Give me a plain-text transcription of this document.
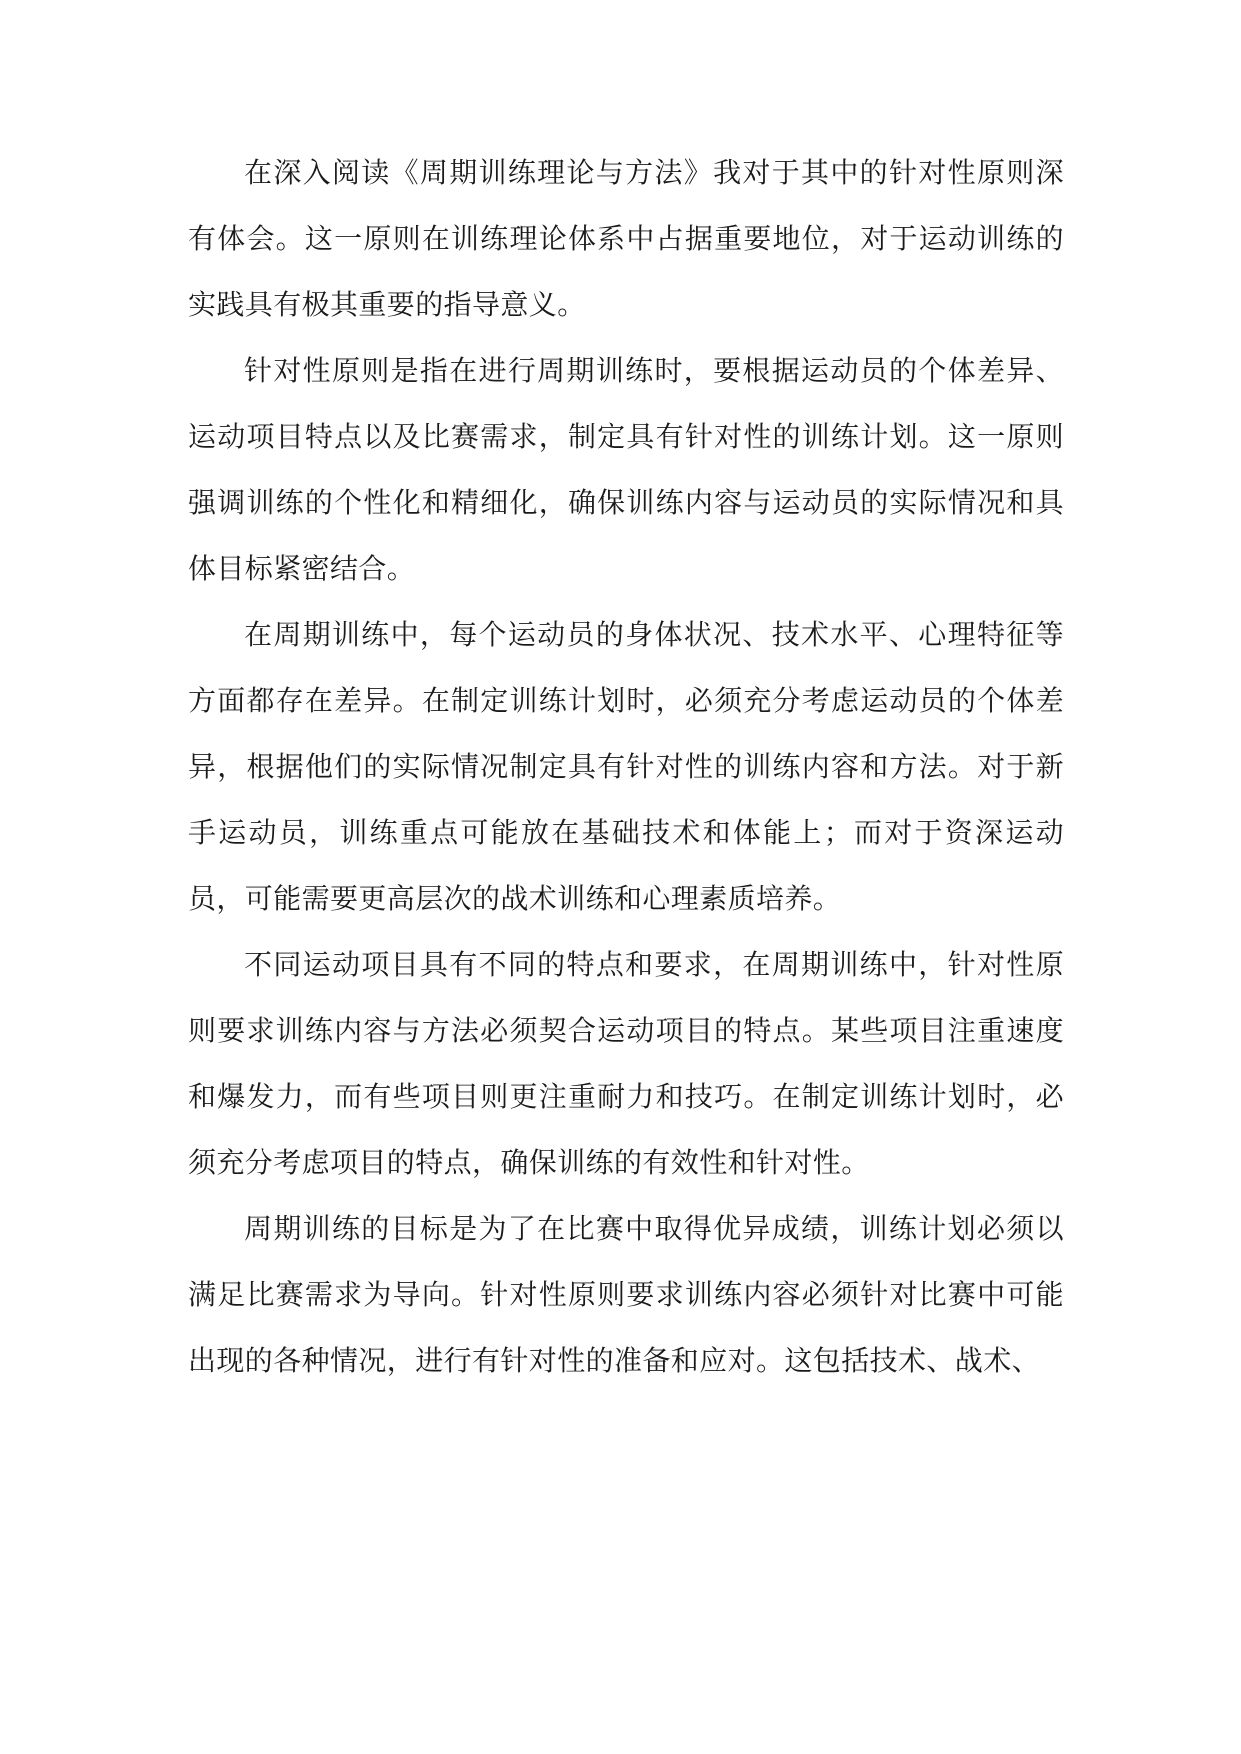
在深入阅读《周期训练理论与方法》我对于其中的针对性原则深有体会。这一原则在训练理论体系中占据重要地位，对于运动训练的实践具有极其重要的指导意义。

针对性原则是指在进行周期训练时，要根据运动员的个体差异、运动项目特点以及比赛需求，制定具有针对性的训练计划。这一原则强调训练的个性化和精细化，确保训练内容与运动员的实际情况和具体目标紧密结合。

在周期训练中，每个运动员的身体状况、技术水平、心理特征等方面都存在差异。在制定训练计划时，必须充分考虑运动员的个体差异，根据他们的实际情况制定具有针对性的训练内容和方法。对于新手运动员，训练重点可能放在基础技术和体能上；而对于资深运动员，可能需要更高层次的战术训练和心理素质培养。

不同运动项目具有不同的特点和要求，在周期训练中，针对性原则要求训练内容与方法必须契合运动项目的特点。某些项目注重速度和爆发力，而有些项目则更注重耐力和技巧。在制定训练计划时，必须充分考虑项目的特点，确保训练的有效性和针对性。

周期训练的目标是为了在比赛中取得优异成绩，训练计划必须以满足比赛需求为导向。针对性原则要求训练内容必须针对比赛中可能出现的各种情况，进行有针对性的准备和应对。这包括技术、战术、
